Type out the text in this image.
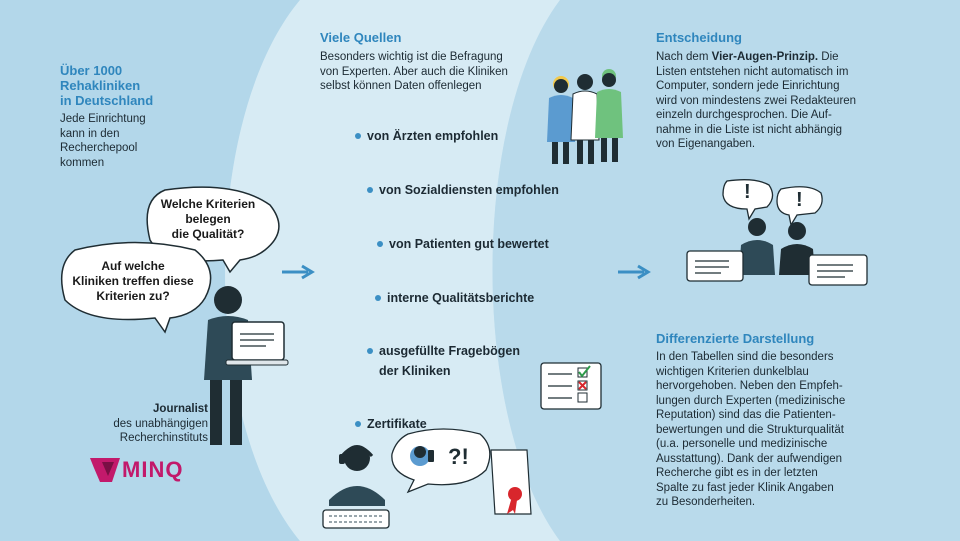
Über 1000
Rehakliniken
in Deutschland
Jede Einrichtung
kann in den
Recherchepool
kommen
Welche Kriterien
belegen
die Qualität?
Auf welche
Kliniken treffen diese
Kriterien zu?
Journalist
des unabhängigen
Recherchinstituts
MINQ
Viele Quellen
Besonders wichtig ist die Befragung
von Experten. Aber auch die Kliniken
selbst können Daten offenlegen
von Ärzten empfohlen
von Sozialdiensten empfohlen
von Patienten gut bewertet
interne Qualitätsberichte
ausgefüllte Fragebögen
der Kliniken
Zertifikate
?!
Entscheidung
Nach dem Vier-Augen-Prinzip. Die
Listen entstehen nicht automatisch im
Computer, sondern jede Einrichtung
wird von mindestens zwei Redakteuren
einzeln durchgesprochen. Die Auf-
nahme in die Liste ist nicht abhängig
von Eigenangaben.
! !
Differenzierte Darstellung
In den Tabellen sind die besonders
wichtigen Kriterien dunkelblau
hervorgehoben. Neben den Empfeh-
lungen durch Experten (medizinische
Reputation) sind das die Patienten-
bewertungen und die Strukturqualität
(u.a. personelle und medizinische
Ausstattung). Dank der aufwendigen
Recherche gibt es in der letzten
Spalte zu fast jeder Klinik Angaben
zu Besonderheiten.
